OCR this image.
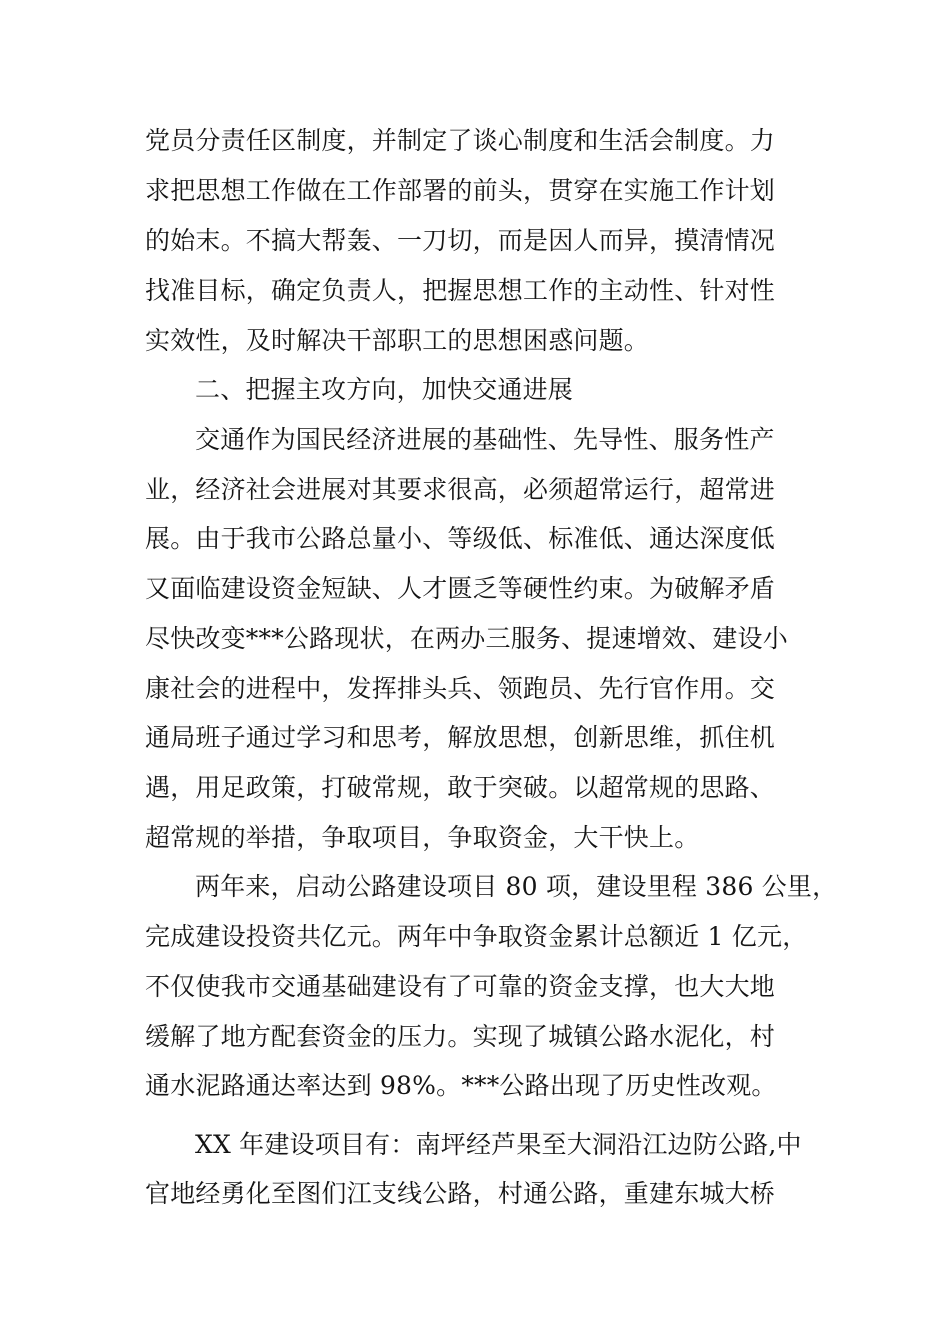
党员分责任区制度，并制定了谈心制度和生活会制度。力
求把思想工作做在工作部署的前头，贯穿在实施工作计划
的始末。不搞大帮轰、一刀切，而是因人而异，摸清情况
找准目标，确定负责人，把握思想工作的主动性、针对性
实效性，及时解决干部职工的思想困惑问题。
二、把握主攻方向，加快交通进展
交通作为国民经济进展的基础性、先导性、服务性产
业，经济社会进展对其要求很高，必须超常运行，超常进
展。由于我市公路总量小、等级低、标准低、通达深度低
又面临建设资金短缺、人才匮乏等硬性约束。为破解矛盾
尽快改变***公路现状，在两办三服务、提速增效、建设小
康社会的进程中，发挥排头兵、领跑员、先行官作用。交
通局班子通过学习和思考，解放思想，创新思维，抓住机
遇，用足政策，打破常规，敢于突破。以超常规的思路、
超常规的举措，争取项目，争取资金，大干快上。
两年来，启动公路建设项目 80 项，建设里程 386 公里，
完成建设投资共亿元。两年中争取资金累计总额近 1 亿元，
不仅使我市交通基础建设有了可靠的资金支撑，也大大地
缓解了地方配套资金的压力。实现了城镇公路水泥化，村
通水泥路通达率达到 98%。***公路出现了历史性改观。
XX 年建设项目有：南坪经芦果至大洞沿江边防公路,中
官地经勇化至图们江支线公路，村通公路，重建东城大桥
